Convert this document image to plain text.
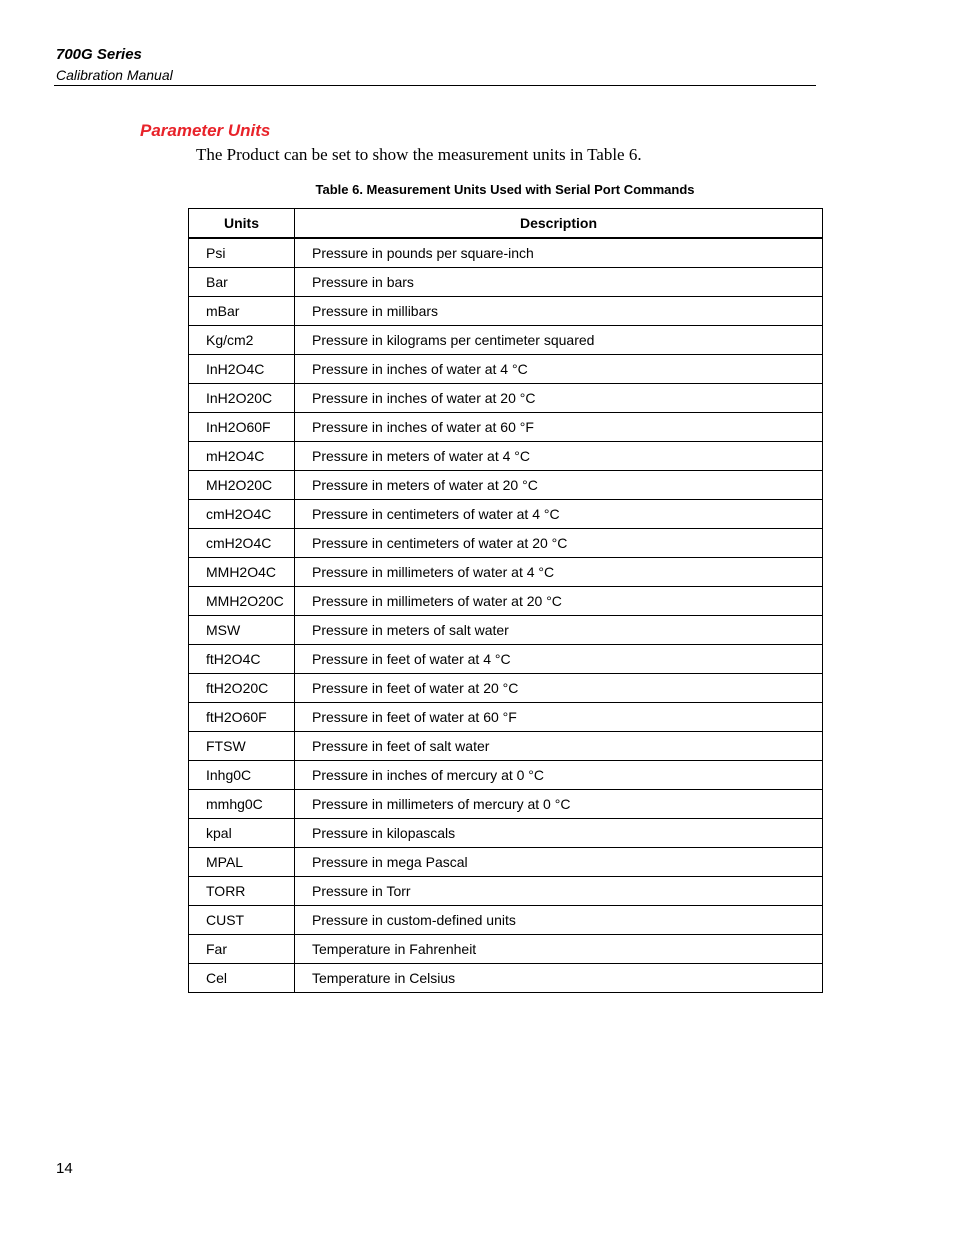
700G Series
Calibration Manual
Parameter Units
The Product can be set to show the measurement units in Table 6.
Table 6. Measurement Units Used with Serial Port Commands
Units	Description
Psi	Pressure in pounds per square-inch
Bar	Pressure in bars
mBar	Pressure in millibars
Kg/cm2	Pressure in kilograms per centimeter squared
InH2O4C	Pressure in inches of water at 4 °C
InH2O20C	Pressure in inches of water at 20 °C
InH2O60F	Pressure in inches of water at 60 °F
mH2O4C	Pressure in meters of water at 4 °C
MH2O20C	Pressure in meters of water at 20 °C
cmH2O4C	Pressure in centimeters of water at 4 °C
cmH2O4C	Pressure in centimeters of water at 20 °C
MMH2O4C	Pressure in millimeters of water at 4 °C
MMH2O20C	Pressure in millimeters of water at 20 °C
MSW	Pressure in meters of salt water
ftH2O4C	Pressure in feet of water at 4 °C
ftH2O20C	Pressure in feet of water at 20 °C
ftH2O60F	Pressure in feet of water at 60 °F
FTSW	Pressure in feet of salt water
Inhg0C	Pressure in inches of mercury at 0 °C
mmhg0C	Pressure in millimeters of mercury at 0 °C
kpal	Pressure in kilopascals
MPAL	Pressure in mega Pascal
TORR	Pressure in Torr
CUST	Pressure in custom-defined units
Far	Temperature in Fahrenheit
Cel	Temperature in Celsius
14
